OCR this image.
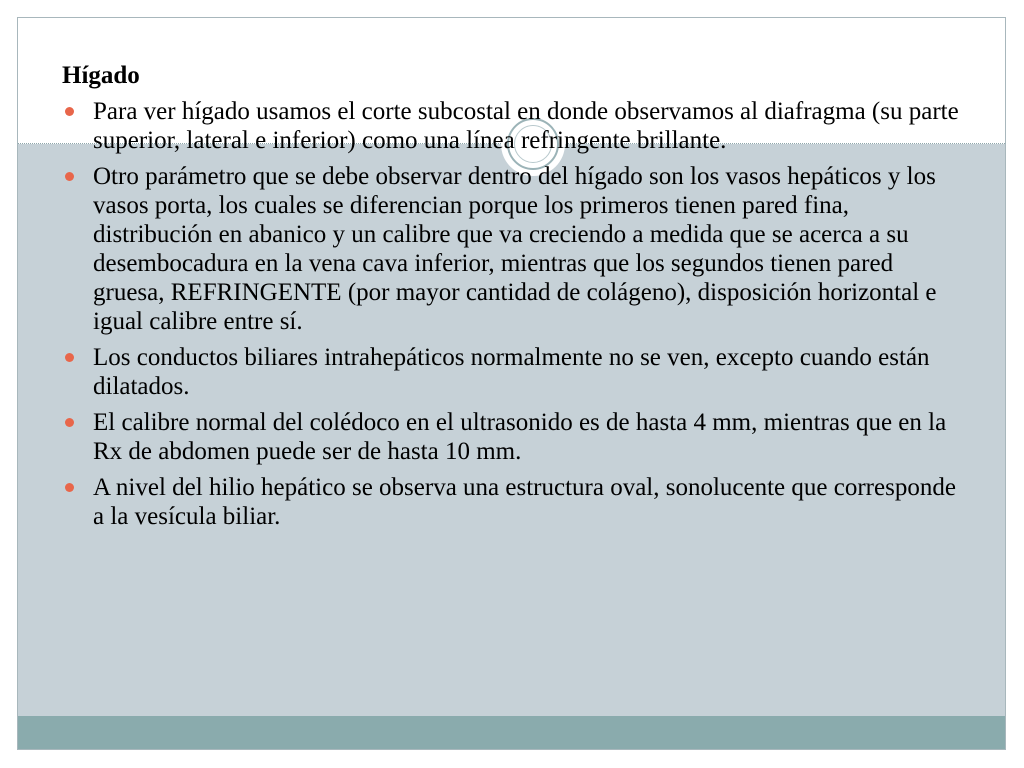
Hígado
Para ver hígado usamos el corte subcostal en donde observamos al diafragma (su parte superior, lateral e inferior) como una línea refringente brillante.
Otro parámetro que se debe observar dentro del hígado son los vasos hepáticos y los vasos porta, los cuales se diferencian porque los primeros tienen pared fina, distribución en abanico y un calibre que va creciendo a medida que se acerca a su desembocadura en la vena cava inferior, mientras que los segundos tienen pared gruesa, REFRINGENTE (por mayor cantidad de colágeno), disposición horizontal e igual calibre entre sí.
Los conductos biliares intrahepáticos normalmente no se ven, excepto cuando están dilatados.
El calibre normal del colédoco en el ultrasonido es de hasta 4 mm, mientras que en la Rx de abdomen puede ser de hasta 10 mm.
A nivel del hilio hepático se observa una estructura oval, sonolucente que corresponde a la vesícula biliar.
